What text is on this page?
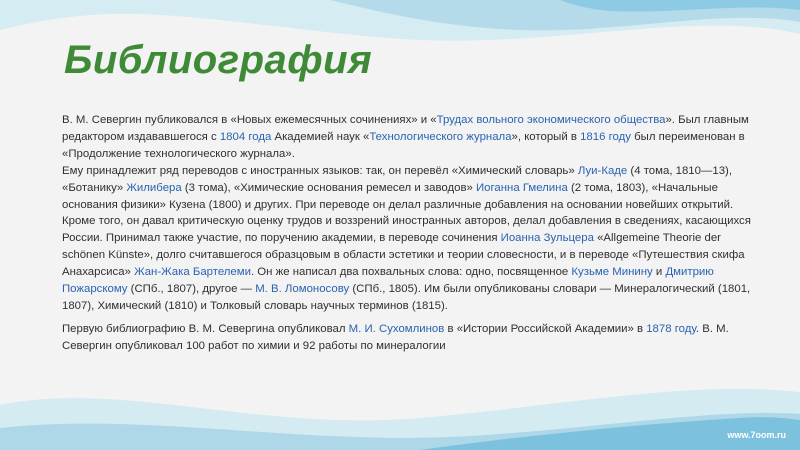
Библиография

В. М. Севергин публиковался в «Новых ежемесячных сочинениях» и «Трудах вольного экономического общества». Был главным редактором издававшегося с 1804 года Академией наук «Технологического журнала», который в 1816 году был переименован в «Продолжение технологического журнала».
Ему принадлежит ряд переводов с иностранных языков: так, он перевёл «Химический словарь» Луи-Каде (4 тома, 1810—13), «Ботанику» Жилибера (3 тома), «Химические основания ремесел и заводов» Иоганна Гмелина (2 тома, 1803), «Начальные основания физики» Кузена (1800) и других. При переводе он делал различные добавления на основании новейших открытий. Кроме того, он давал критическую оценку трудов и воззрений иностранных авторов, делал добавления в сведениях, касающихся России. Принимал также участие, по поручению академии, в переводе сочинения Иоанна Зульцера «Allgemeine Theorie der schönen Künste», долго считавшегося образцовым в области эстетики и теории словесности, и в переводе «Путешествия скифа Анахарсиса» Жан-Жака Бартелеми. Он же написал два похвальных слова: одно, посвященное Кузьме Минину и Дмитрию Пожарскому (СПб., 1807), другое — М. В. Ломоносову (СПб., 1805). Им были опубликованы словари — Минералогический (1801, 1807), Химический (1810) и Толковый словарь научных терминов (1815).

Первую библиографию В. М. Севергина опубликовал М. И. Сухомлинов в «Истории Российской Академии» в 1878 году. В. М. Севергин опубликовал 100 работ по химии и 92 работы по минералогии

www.7oom.ru
